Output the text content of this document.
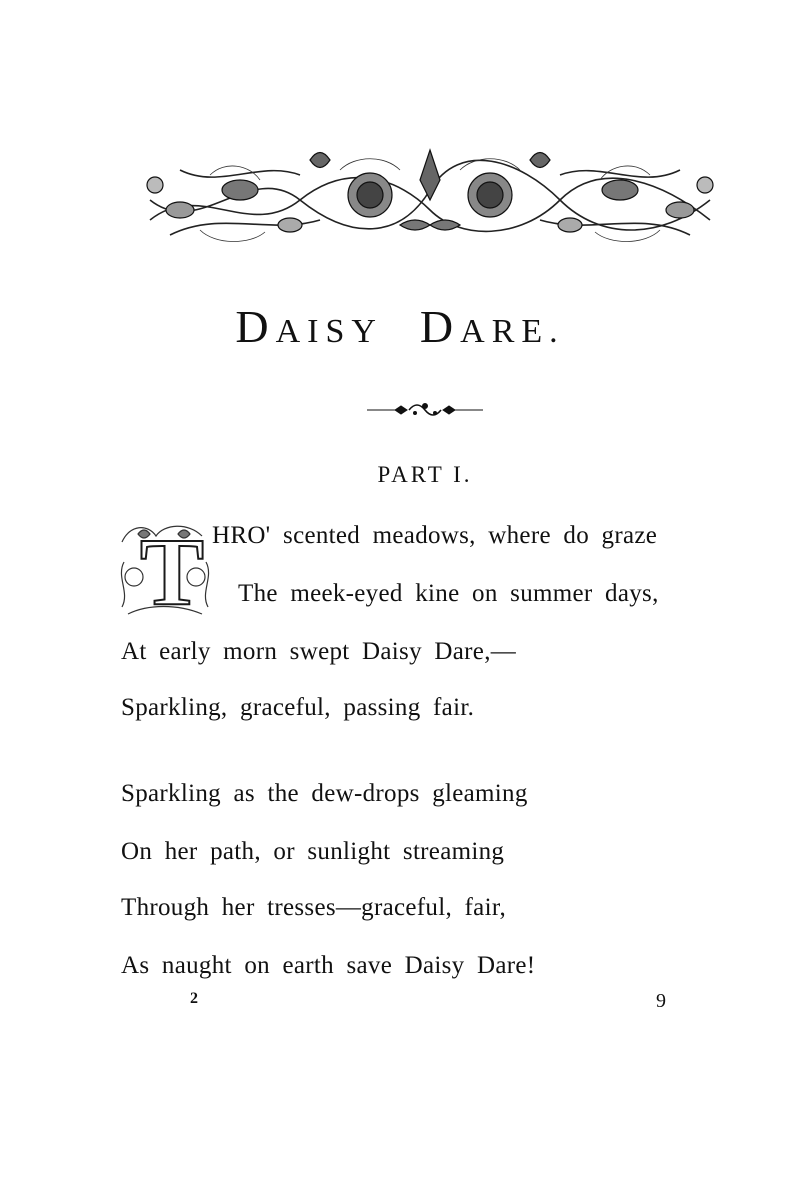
DAISY DARE.
PART I.
T HRO' scented meadows, where do graze
The meek-eyed kine on summer days,
At early morn swept Daisy Dare,—
Sparkling, graceful, passing fair.
Sparkling as the dew-drops gleaming
On her path, or sunlight streaming
Through her tresses—graceful, fair,
As naught on earth save Daisy Dare!
2	9
